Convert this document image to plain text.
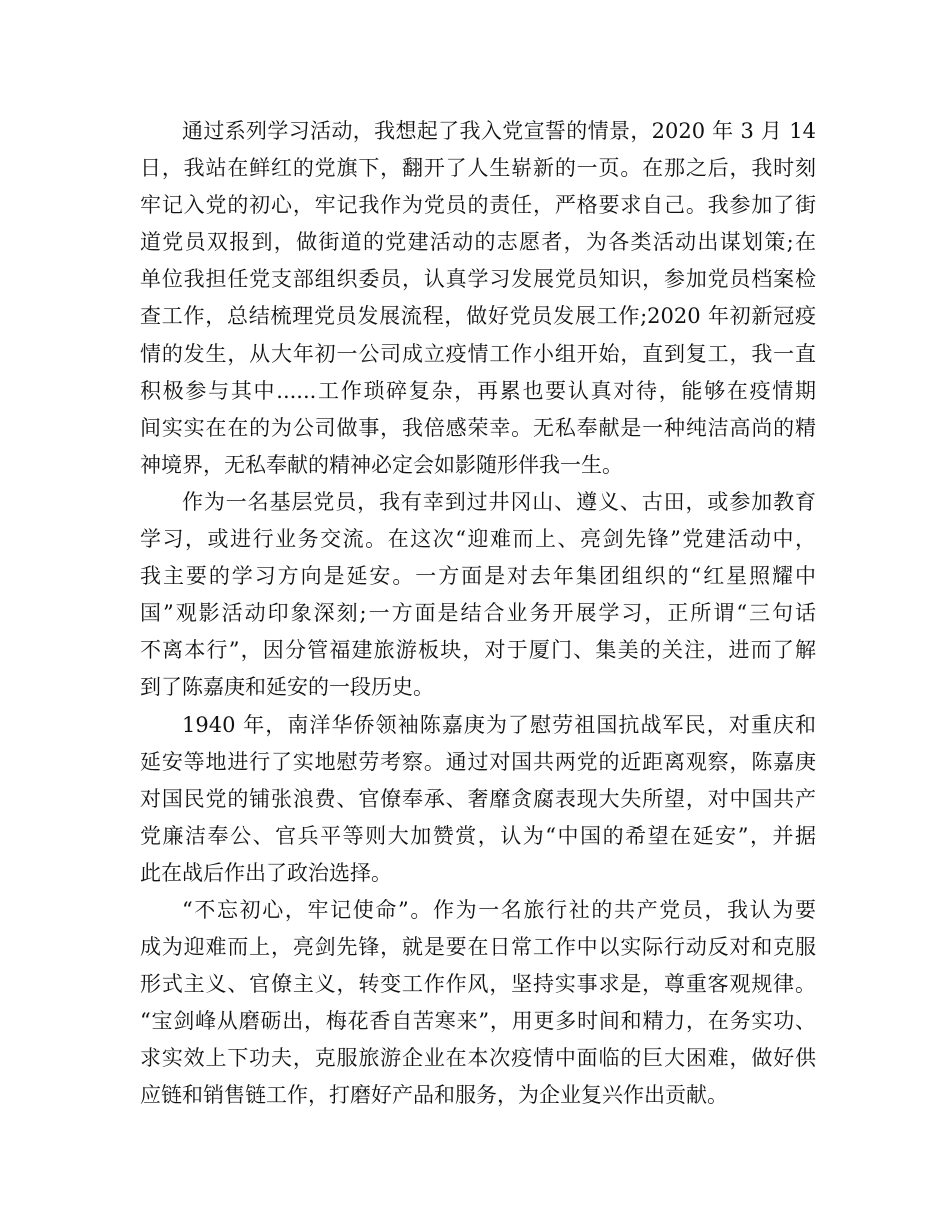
通过系列学习活动，我想起了我入党宣誓的情景，2020 年 3 月 14
日，我站在鲜红的党旗下，翻开了人生崭新的一页。在那之后，我时刻
牢记入党的初心，牢记我作为党员的责任，严格要求自己。我参加了街
道党员双报到，做街道的党建活动的志愿者，为各类活动出谋划策;在
单位我担任党支部组织委员，认真学习发展党员知识，参加党员档案检
查工作，总结梳理党员发展流程，做好党员发展工作;2020 年初新冠疫
情的发生，从大年初一公司成立疫情工作小组开始，直到复工，我一直
积极参与其中......工作琐碎复杂，再累也要认真对待，能够在疫情期
间实实在在的为公司做事，我倍感荣幸。无私奉献是一种纯洁高尚的精
神境界，无私奉献的精神必定会如影随形伴我一生。
作为一名基层党员，我有幸到过井冈山、遵义、古田，或参加教育
学习，或进行业务交流。在这次“迎难而上、亮剑先锋”党建活动中，
我主要的学习方向是延安。一方面是对去年集团组织的“红星照耀中
国”观影活动印象深刻;一方面是结合业务开展学习，正所谓“三句话
不离本行”，因分管福建旅游板块，对于厦门、集美的关注，进而了解
到了陈嘉庚和延安的一段历史。
1940 年，南洋华侨领袖陈嘉庚为了慰劳祖国抗战军民，对重庆和
延安等地进行了实地慰劳考察。通过对国共两党的近距离观察，陈嘉庚
对国民党的铺张浪费、官僚奉承、奢靡贪腐表现大失所望，对中国共产
党廉洁奉公、官兵平等则大加赞赏，认为“中国的希望在延安”，并据
此在战后作出了政治选择。
“不忘初心，牢记使命”。作为一名旅行社的共产党员，我认为要
成为迎难而上，亮剑先锋，就是要在日常工作中以实际行动反对和克服
形式主义、官僚主义，转变工作作风，坚持实事求是，尊重客观规律。
“宝剑峰从磨砺出，梅花香自苦寒来”，用更多时间和精力，在务实功、
求实效上下功夫，克服旅游企业在本次疫情中面临的巨大困难，做好供
应链和销售链工作，打磨好产品和服务，为企业复兴作出贡献。
